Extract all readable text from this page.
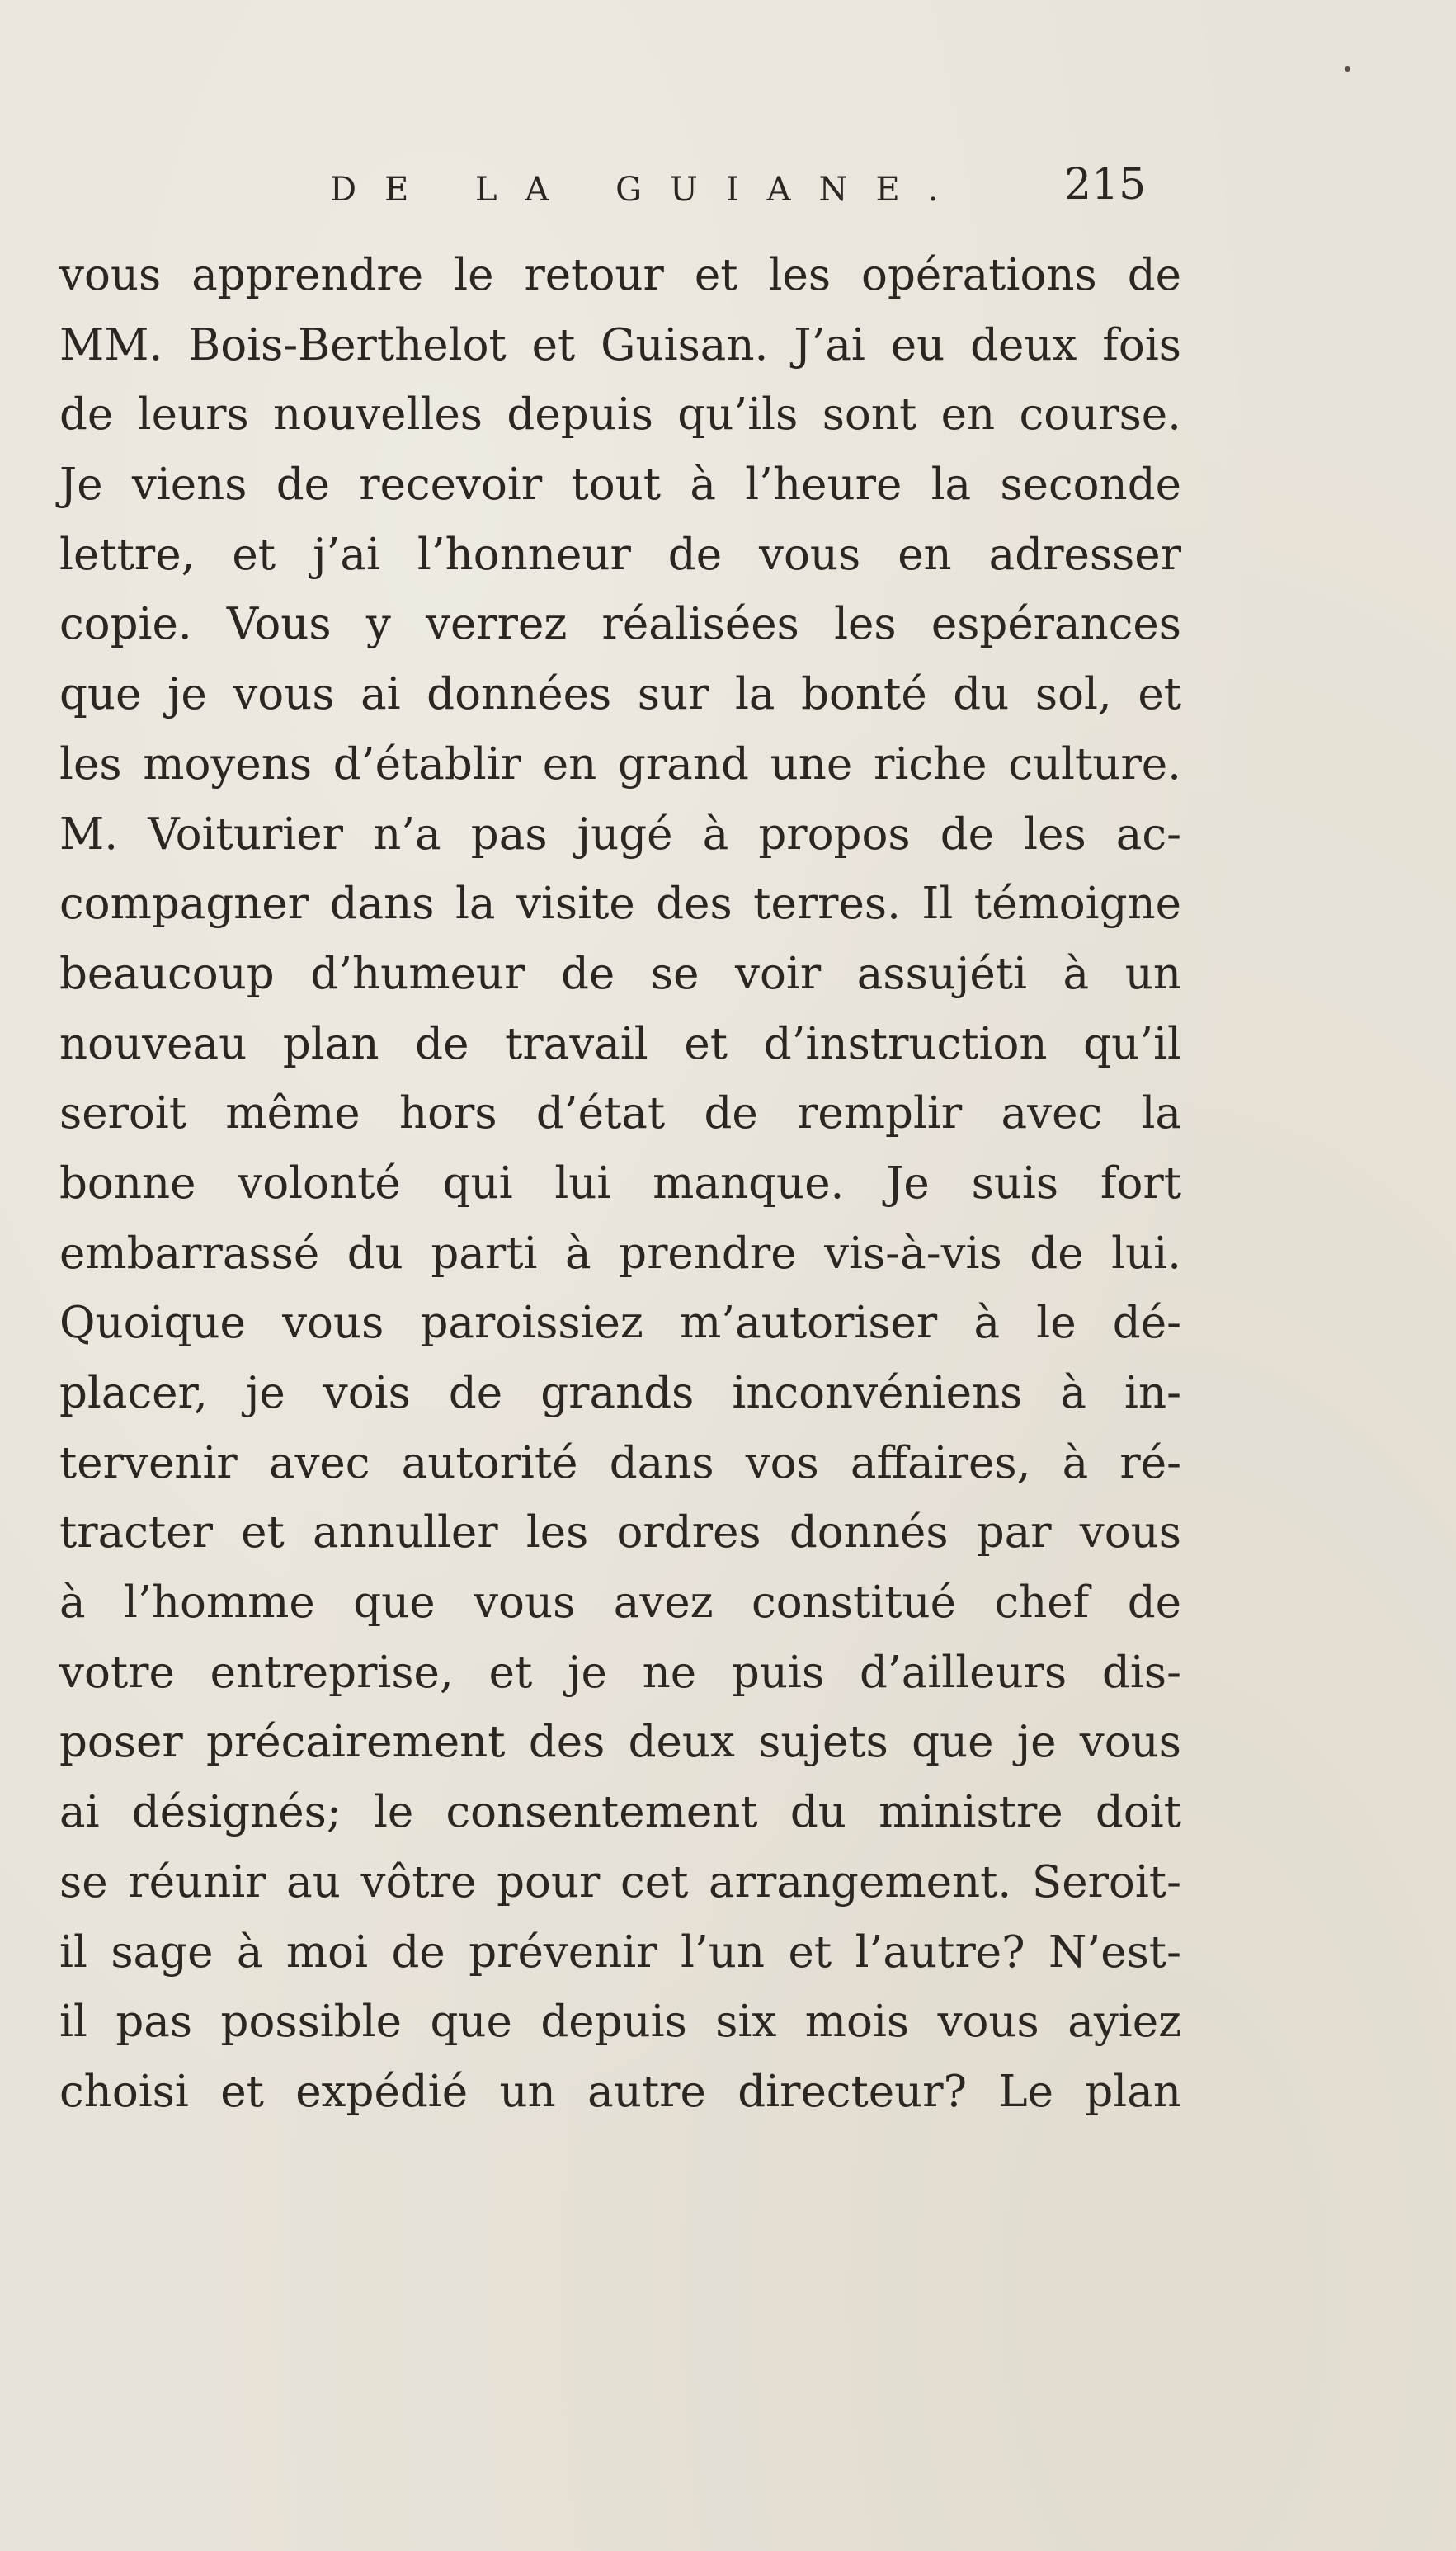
DE LA GUIANE. 215
vous apprendre le retour et les opérations de
MM. Bois-Berthelot et Guisan. J’ai eu deux fois
de leurs nouvelles depuis qu’ils sont en course.
Je viens de recevoir tout à l’heure la seconde
lettre, et j’ai l’honneur de vous en adresser
copie. Vous y verrez réalisées les espérances
que je vous ai données sur la bonté du sol, et
les moyens d’établir en grand une riche culture.
M. Voiturier n’a pas jugé à propos de les ac-
compagner dans la visite des terres. Il témoigne
beaucoup d’humeur de se voir assujéti à un
nouveau plan de travail et d’instruction qu’il
seroit même hors d’état de remplir avec la
bonne volonté qui lui manque. Je suis fort
embarrassé du parti à prendre vis-à-vis de lui.
Quoique vous paroissiez m’autoriser à le dé-
placer, je vois de grands inconvéniens à in-
tervenir avec autorité dans vos affaires, à ré-
tracter et annuller les ordres donnés par vous
à l’homme que vous avez constitué chef de
votre entreprise, et je ne puis d’ailleurs dis-
poser précairement des deux sujets que je vous
ai désignés; le consentement du ministre doit
se réunir au vôtre pour cet arrangement. Seroit-
il sage à moi de prévenir l’un et l’autre? N’est-
il pas possible que depuis six mois vous ayiez
choisi et expédié un autre directeur? Le plan
